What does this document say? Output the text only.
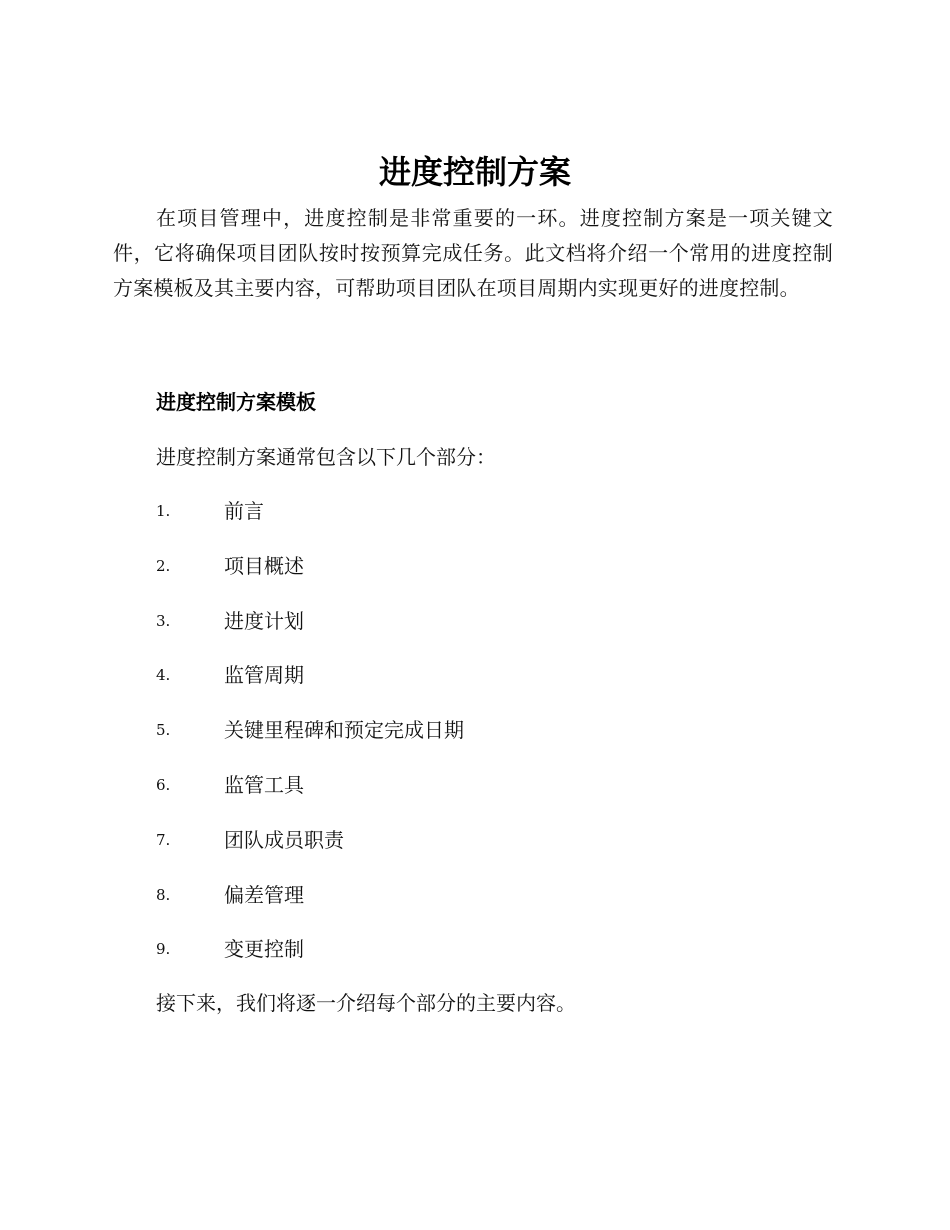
进度控制方案

在项目管理中，进度控制是非常重要的一环。进度控制方案是一项关键文件，它将确保项目团队按时按预算完成任务。此文档将介绍一个常用的进度控制方案模板及其主要内容，可帮助项目团队在项目周期内实现更好的进度控制。

进度控制方案模板

进度控制方案通常包含以下几个部分：

1.	前言
2.	项目概述
3.	进度计划
4.	监管周期
5.	关键里程碑和预定完成日期
6.	监管工具
7.	团队成员职责
8.	偏差管理
9.	变更控制

接下来，我们将逐一介绍每个部分的主要内容。
